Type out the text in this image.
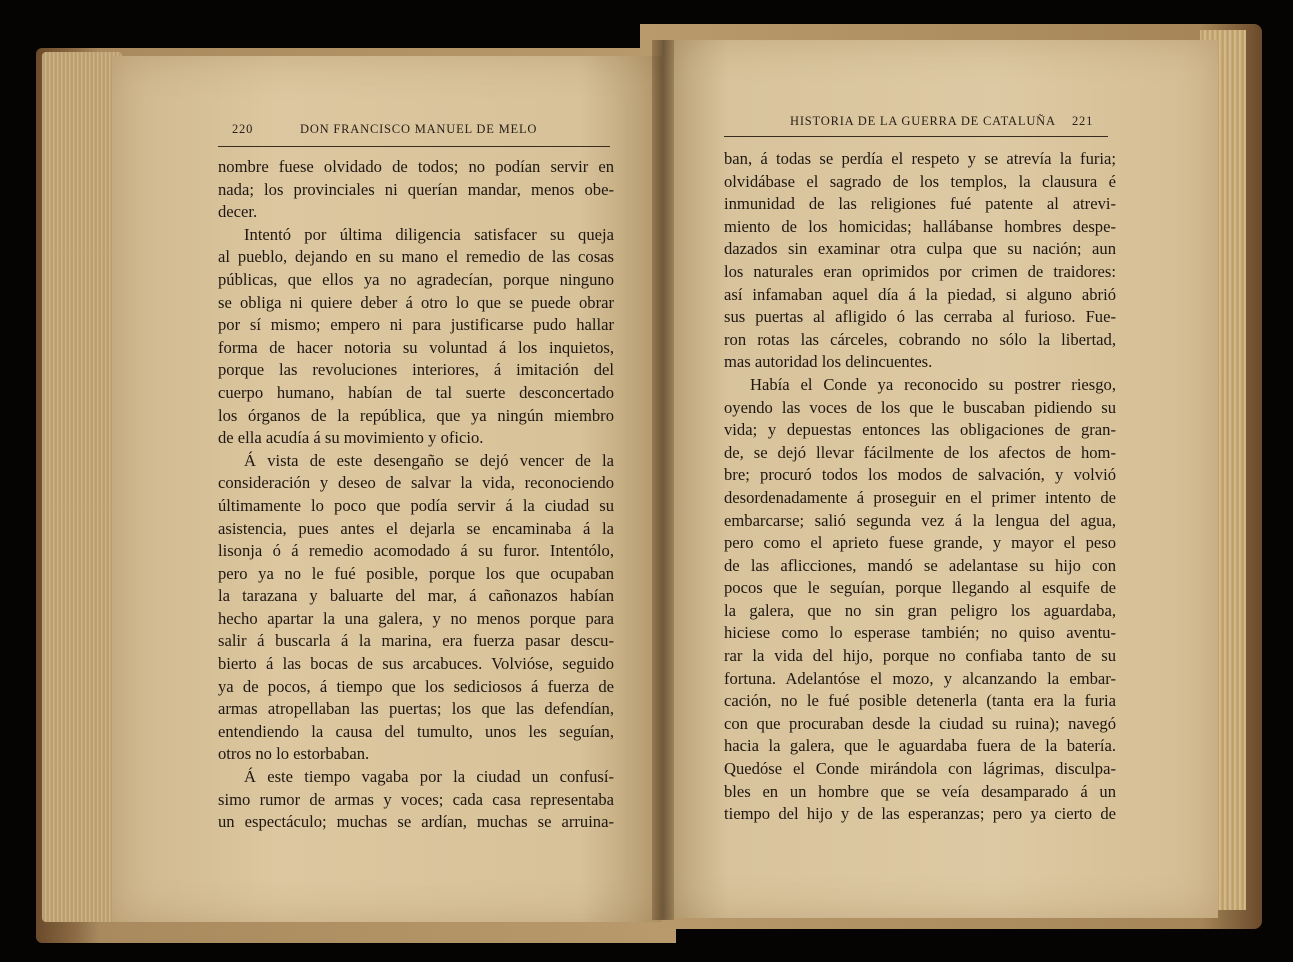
220	DON FRANCISCO MANUEL DE MELO
HISTORIA DE LA GUERRA DE CATALUÑA 221
nombre fuese olvidado de todos; no podían servir en
nada; los provinciales ni querían mandar, menos obe-
decer.
Intentó por última diligencia satisfacer su queja
al pueblo, dejando en su mano el remedio de las cosas
públicas, que ellos ya no agradecían, porque ninguno
se obliga ni quiere deber á otro lo que se puede obrar
por sí mismo; empero ni para justificarse pudo hallar
forma de hacer notoria su voluntad á los inquietos,
porque las revoluciones interiores, á imitación del
cuerpo humano, habían de tal suerte desconcertado
los órganos de la república, que ya ningún miembro
de ella acudía á su movimiento y oficio.
Á vista de este desengaño se dejó vencer de la
consideración y deseo de salvar la vida, reconociendo
últimamente lo poco que podía servir á la ciudad su
asistencia, pues antes el dejarla se encaminaba á la
lisonja ó á remedio acomodado á su furor. Intentólo,
pero ya no le fué posible, porque los que ocupaban
la tarazana y baluarte del mar, á cañonazos habían
hecho apartar la una galera, y no menos porque para
salir á buscarla á la marina, era fuerza pasar descu-
bierto á las bocas de sus arcabuces. Volvióse, seguido
ya de pocos, á tiempo que los sediciosos á fuerza de
armas atropellaban las puertas; los que las defendían,
entendiendo la causa del tumulto, unos les seguían,
otros no lo estorbaban.
Á este tiempo vagaba por la ciudad un confusí-
simo rumor de armas y voces; cada casa representaba
un espectáculo; muchas se ardían, muchas se arruina-
ban, á todas se perdía el respeto y se atrevía la furia;
olvidábase el sagrado de los templos, la clausura é
inmunidad de las religiones fué patente al atrevi-
miento de los homicidas; hallábanse hombres despe-
dazados sin examinar otra culpa que su nación; aun
los naturales eran oprimidos por crimen de traidores:
así infamaban aquel día á la piedad, si alguno abrió
sus puertas al afligido ó las cerraba al furioso. Fue-
ron rotas las cárceles, cobrando no sólo la libertad,
mas autoridad los delincuentes.
Había el Conde ya reconocido su postrer riesgo,
oyendo las voces de los que le buscaban pidiendo su
vida; y depuestas entonces las obligaciones de gran-
de, se dejó llevar fácilmente de los afectos de hom-
bre; procuró todos los modos de salvación, y volvió
desordenadamente á proseguir en el primer intento de
embarcarse; salió segunda vez á la lengua del agua,
pero como el aprieto fuese grande, y mayor el peso
de las aflicciones, mandó se adelantase su hijo con
pocos que le seguían, porque llegando al esquife de
la galera, que no sin gran peligro los aguardaba,
hiciese como lo esperase también; no quiso aventu-
rar la vida del hijo, porque no confiaba tanto de su
fortuna. Adelantóse el mozo, y alcanzando la embar-
cación, no le fué posible detenerla (tanta era la furia
con que procuraban desde la ciudad su ruina); navegó
hacia la galera, que le aguardaba fuera de la batería.
Quedóse el Conde mirándola con lágrimas, disculpa-
bles en un hombre que se veía desamparado á un
tiempo del hijo y de las esperanzas; pero ya cierto de
